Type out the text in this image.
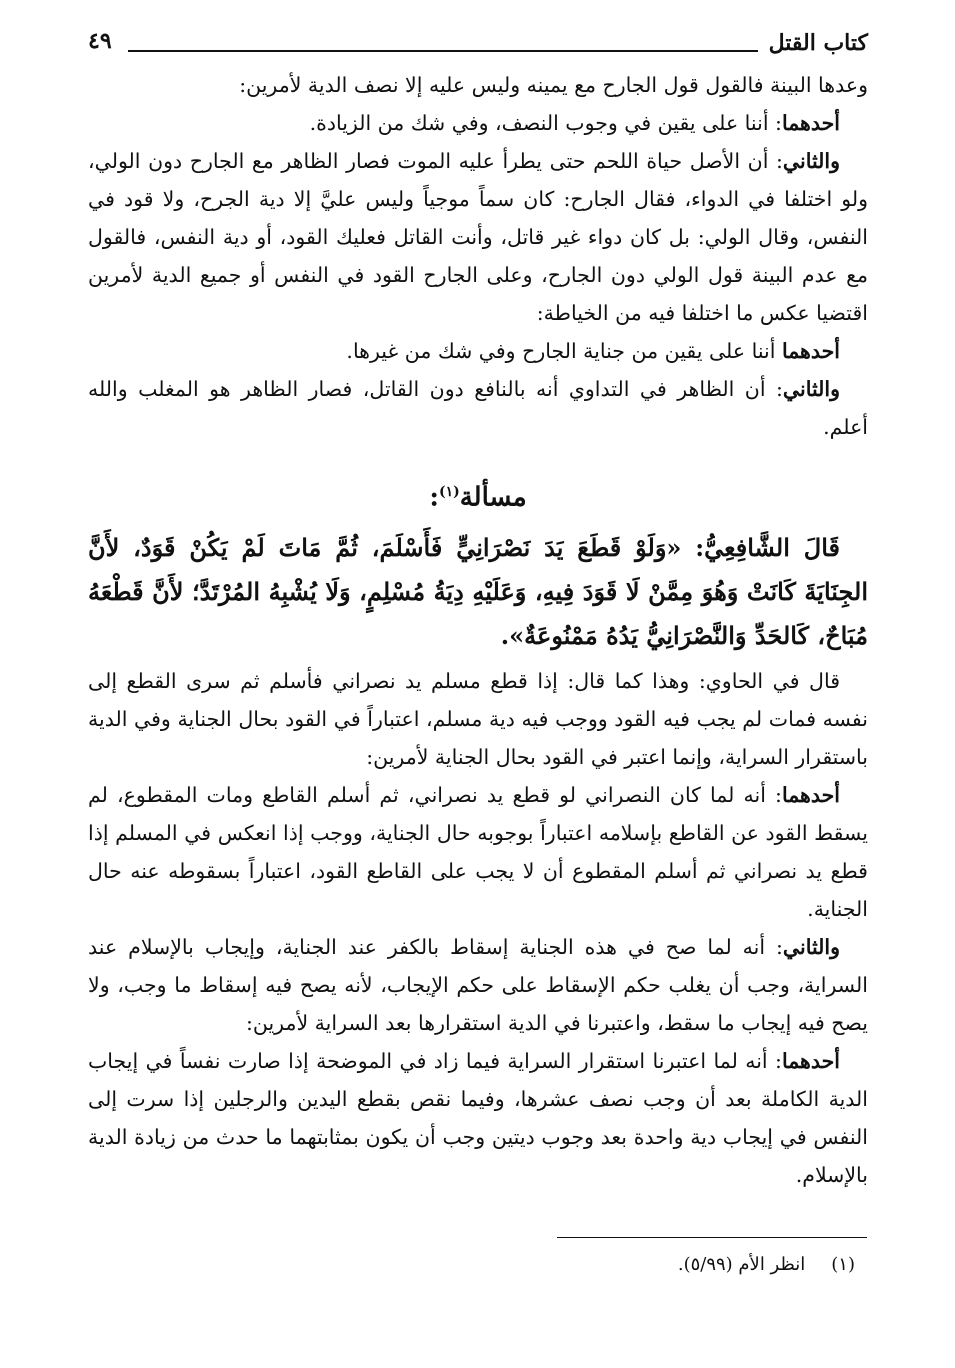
كتاب القتل
٤٩

وعدها البينة فالقول قول الجارح مع يمينه وليس عليه إلا نصف الدية لأمرين:

أحدهما: أننا على يقين في وجوب النصف، وفي شك من الزيادة.

والثاني: أن الأصل حياة اللحم حتى يطرأ عليه الموت فصار الظاهر مع الجارح دون الولي، ولو اختلفا في الدواء، فقال الجارح: كان سماً موجياً وليس عليَّ إلا دية الجرح، ولا قود في النفس، وقال الولي: بل كان دواء غير قاتل، وأنت القاتل فعليك القود، أو دية النفس، فالقول مع عدم البينة قول الولي دون الجارح، وعلى الجارح القود في النفس أو جميع الدية لأمرين اقتضيا عكس ما اختلفا فيه من الخياطة:

أحدهما أننا على يقين من جناية الجارح وفي شك من غيرها.

والثاني: أن الظاهر في التداوي أنه بالنافع دون القاتل، فصار الظاهر هو المغلب والله أعلم.

مسألة$^{(١)}$:

قَالَ الشَّافِعِيُّ: «وَلَوْ قَطَعَ يَدَ نَصْرَانِيٍّ فَأَسْلَمَ، ثُمَّ مَاتَ لَمْ يَكُنْ قَوَدٌ، لأَنَّ الجِنَايَةَ كَانَتْ وَهُوَ مِمَّنْ لَا قَوَدَ فِيهِ، وَعَلَيْهِ دِيَةُ مُسْلِمٍ، وَلَا يُشْبِهُ المُرْتَدَّ؛ لأَنَّ قَطْعَهُ مُبَاحٌ، كَالحَدِّ وَالنَّصْرَانِيُّ يَدُهُ مَمْنُوعَةٌ».

قال في الحاوي: وهذا كما قال: إذا قطع مسلم يد نصراني فأسلم ثم سرى القطع إلى نفسه فمات لم يجب فيه القود ووجب فيه دية مسلم، اعتباراً في القود بحال الجناية وفي الدية باستقرار السراية، وإنما اعتبر في القود بحال الجناية لأمرين:

أحدهما: أنه لما كان النصراني لو قطع يد نصراني، ثم أسلم القاطع ومات المقطوع، لم يسقط القود عن القاطع بإسلامه اعتباراً بوجوبه حال الجناية، ووجب إذا انعكس في المسلم إذا قطع يد نصراني ثم أسلم المقطوع أن لا يجب على القاطع القود، اعتباراً بسقوطه عنه حال الجناية.

والثاني: أنه لما صح في هذه الجناية إسقاط بالكفر عند الجناية، وإيجاب بالإسلام عند السراية، وجب أن يغلب حكم الإسقاط على حكم الإيجاب، لأنه يصح فيه إسقاط ما وجب، ولا يصح فيه إيجاب ما سقط، واعتبرنا في الدية استقرارها بعد السراية لأمرين:

أحدهما: أنه لما اعتبرنا استقرار السراية فيما زاد في الموضحة إذا صارت نفساً في إيجاب الدية الكاملة بعد أن وجب نصف عشرها، وفيما نقص بقطع اليدين والرجلين إذا سرت إلى النفس في إيجاب دية واحدة بعد وجوب ديتين وجب أن يكون بمثابتهما ما حدث من زيادة الدية بالإسلام.

(١)انظر الأم (٥/٩٩).
